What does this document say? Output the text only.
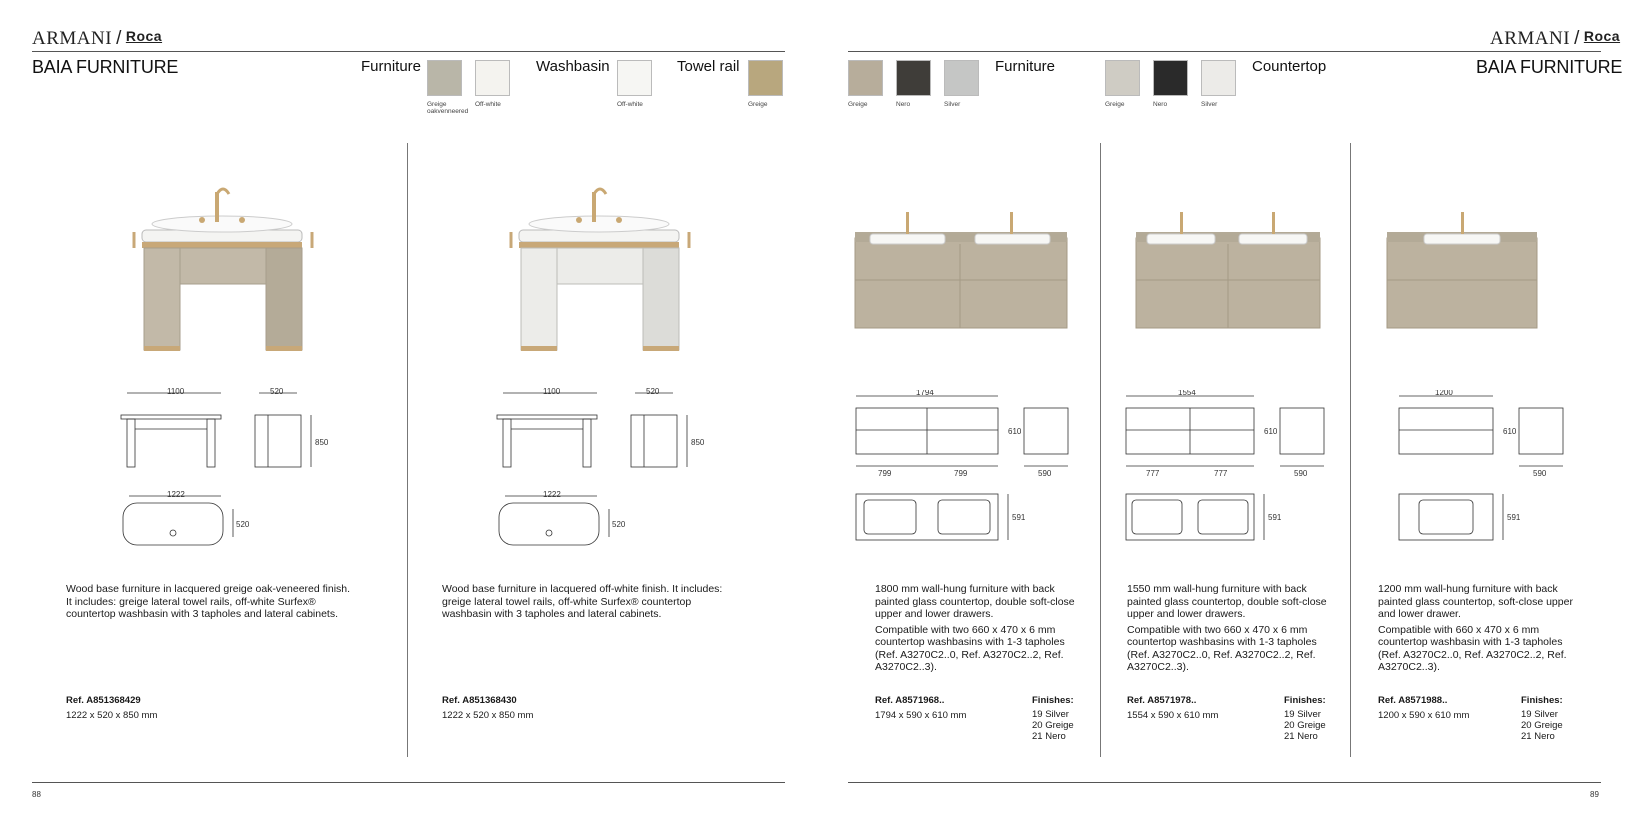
ARMANI / Roca
BAIA FURNITURE	Furniture	Washbasin	Towel rail
Greige oakvenneered
Off-white	Off-white	Greige
1100	520
850
1222
520
Wood base furniture in lacquered greige oak-veneered finish. It includes: greige lateral towel rails, off-white Surfex® countertop washbasin with 3 tapholes and lateral cabinets.
Ref. A851368429
1222 x 520 x 850 mm
1100	520
850
1222
520
Wood base furniture in lacquered off-white finish. It includes: greige lateral towel rails, off-white Surfex® countertop washbasin with 3 tapholes and lateral cabinets.
Ref. A851368430
1222 x 520 x 850 mm
88
ARMANI / Roca
BAIA FURNITURE
Greige	Nero	Silver
Furniture
Greige	Nero	Silver
Countertop
1794
610
799	799	590
591

1800 mm wall-hung furniture with back painted glass countertop, double soft-close upper and lower drawers.

Compatible with two 660 x 470 x 6 mm countertop washbasins with 1-3 tapholes (Ref. A3270C2..0, Ref. A3270C2..2, Ref. A3270C2..3).

Ref. A8571968..
1794 x 590 x 610 mm
Finishes:
19 Silver
20 Greige
21 Nero
1554
610
777	777	590
591

1550 mm wall-hung furniture with back painted glass countertop, double soft-close upper and lower drawers.

Compatible with two 660 x 470 x 6 mm countertop washbasins with 1-3 tapholes (Ref. A3270C2..0, Ref. A3270C2..2, Ref. A3270C2..3).

Ref. A8571978..
1554 x 590 x 610 mm
Finishes:
19 Silver
20 Greige
21 Nero
1200
610
590
591

1200 mm wall-hung furniture with back painted glass countertop, soft-close upper and lower drawer.

Compatible with 660 x 470 x 6 mm countertop washbasin with 1-3 tapholes (Ref. A3270C2..0, Ref. A3270C2..2, Ref. A3270C2..3).

Ref. A8571988..
1200 x 590 x 610 mm
Finishes:
19 Silver
20 Greige
21 Nero
89
